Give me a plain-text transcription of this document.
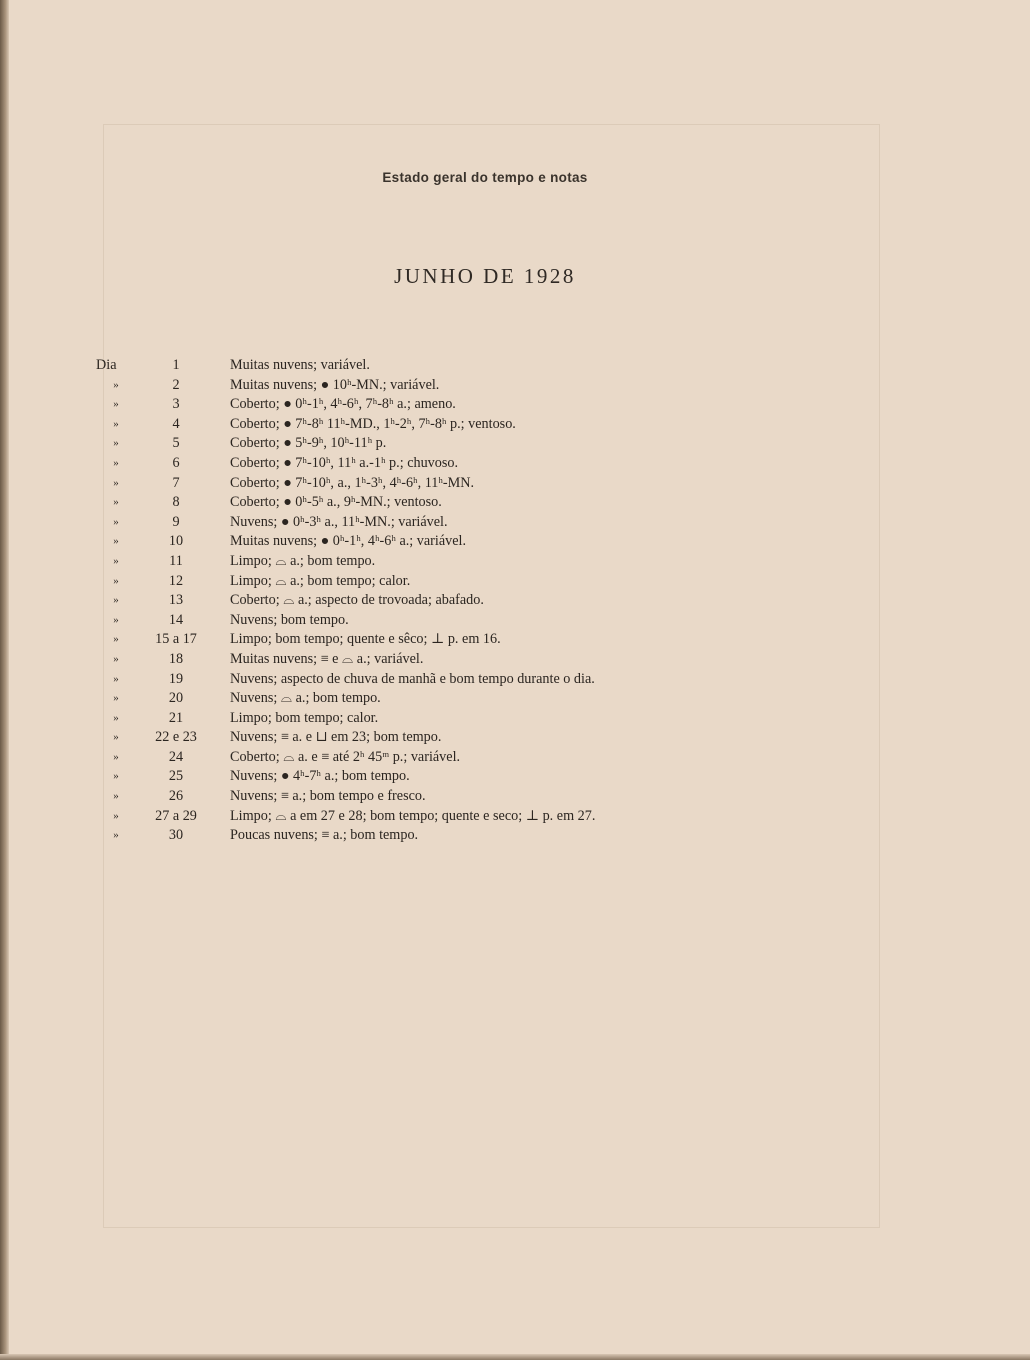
Estado geral do tempo e notas
JUNHO DE 1928
Dia	1	Muitas nuvens; variável.
»	2	Muitas nuvens; ● 10ʰ-MN.; variável.
»	3	Coberto; ● 0ʰ-1ʰ, 4ʰ-6ʰ, 7ʰ-8ʰ a.; ameno.
»	4	Coberto; ● 7ʰ-8ʰ 11ʰ-MD., 1ʰ-2ʰ, 7ʰ-8ʰ p.; ventoso.
»	5	Coberto; ● 5ʰ-9ʰ, 10ʰ-11ʰ p.
»	6	Coberto; ● 7ʰ-10ʰ, 11ʰ a.-1ʰ p.; chuvoso.
»	7	Coberto; ● 7ʰ-10ʰ, a., 1ʰ-3ʰ, 4ʰ-6ʰ, 11ʰ-MN.
»	8	Coberto; ● 0ʰ-5ʰ a., 9ʰ-MN.; ventoso.
»	9	Nuvens; ● 0ʰ-3ʰ a., 11ʰ-MN.; variável.
»	10	Muitas nuvens; ● 0ʰ-1ʰ, 4ʰ-6ʰ a.; variável.
»	11	Limpo; ⌓ a.; bom tempo.
»	12	Limpo; ⌓ a.; bom tempo; calor.
»	13	Coberto; ⌓ a.; aspecto de trovoada; abafado.
»	14	Nuvens; bom tempo.
»	15 a 17	Limpo; bom tempo; quente e sêco; ⊥ p. em 16.
»	18	Muitas nuvens; ≡ e ⌓ a.; variável.
»	19	Nuvens; aspecto de chuva de manhã e bom tempo durante o dia.
»	20	Nuvens; ⌓ a.; bom tempo.
»	21	Limpo; bom tempo; calor.
»	22 e 23	Nuvens; ≡ a. e ⊔ em 23; bom tempo.
»	24	Coberto; ⌓ a. e ≡ até 2ʰ 45ᵐ p.; variável.
»	25	Nuvens; ● 4ʰ-7ʰ a.; bom tempo.
»	26	Nuvens; ≡ a.; bom tempo e fresco.
»	27 a 29	Limpo; ⌓ a em 27 e 28; bom tempo; quente e seco; ⊥ p. em 27.
»	30	Poucas nuvens; ≡ a.; bom tempo.
